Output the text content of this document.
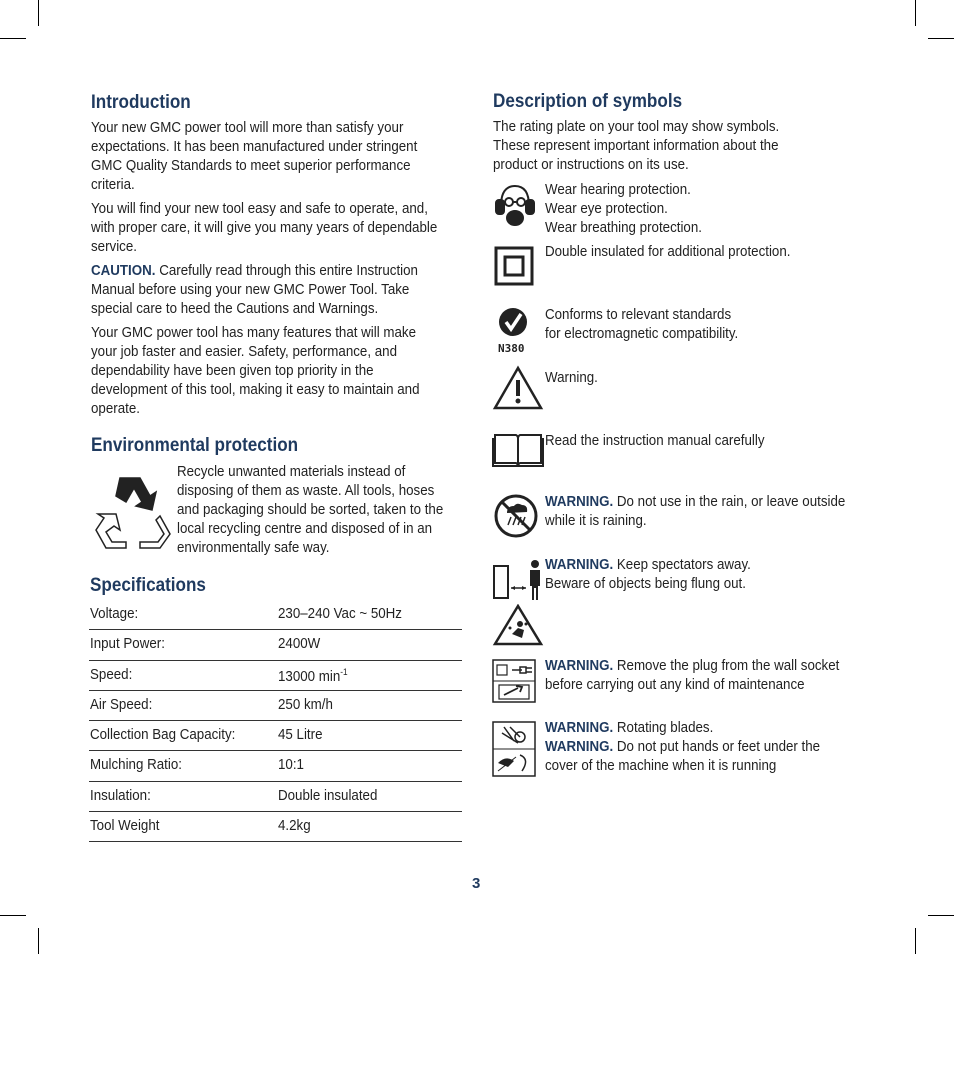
Introduction

Your new GMC power tool will more than satisfy your expectations. It has been manufactured under stringent GMC Quality Standards to meet superior performance criteria.

You will find your new tool easy and safe to operate, and, with proper care, it will give you many years of dependable service.

CAUTION. Carefully read through this entire Instruction Manual before using your new GMC Power Tool. Take special care to heed the Cautions and Warnings.

Your GMC power tool has many features that will make your job faster and easier. Safety, performance, and dependability have been given top priority in the development of this tool, making it easy to maintain and operate.

Environmental protection
Recycle unwanted materials instead of disposing of them as waste. All tools, hoses and packaging should be sorted, taken to the local recycling centre and disposed of in an environmentally safe way.
Specifications
Voltage:	230–240 Vac ~ 50Hz
Input Power:	2400W
Speed:	13000 $\min^{-1}$
Air Speed:	250 km/h
Collection Bag Capacity:	45 Litre
Mulching Ratio:	10:1
Insulation:	Double insulated
Tool Weight	4.2kg
Description of symbols
The rating plate on your tool may show symbols. These represent important information about the product or instructions on its use.
Wear hearing protection.
Wear eye protection.
Wear breathing protection.
Double insulated for additional protection.
N380
Conforms to relevant standards
for electromagnetic compatibility.
Warning.
Read the instruction manual carefully
WARNING. Do not use in the rain, or leave outside while it is raining.
WARNING. Keep spectators away.
Beware of objects being flung out.
WARNING. Remove the plug from the wall socket before carrying out any kind of maintenance
WARNING. Rotating blades.
WARNING. Do not put hands or feet under the cover of the machine when it is running
3
